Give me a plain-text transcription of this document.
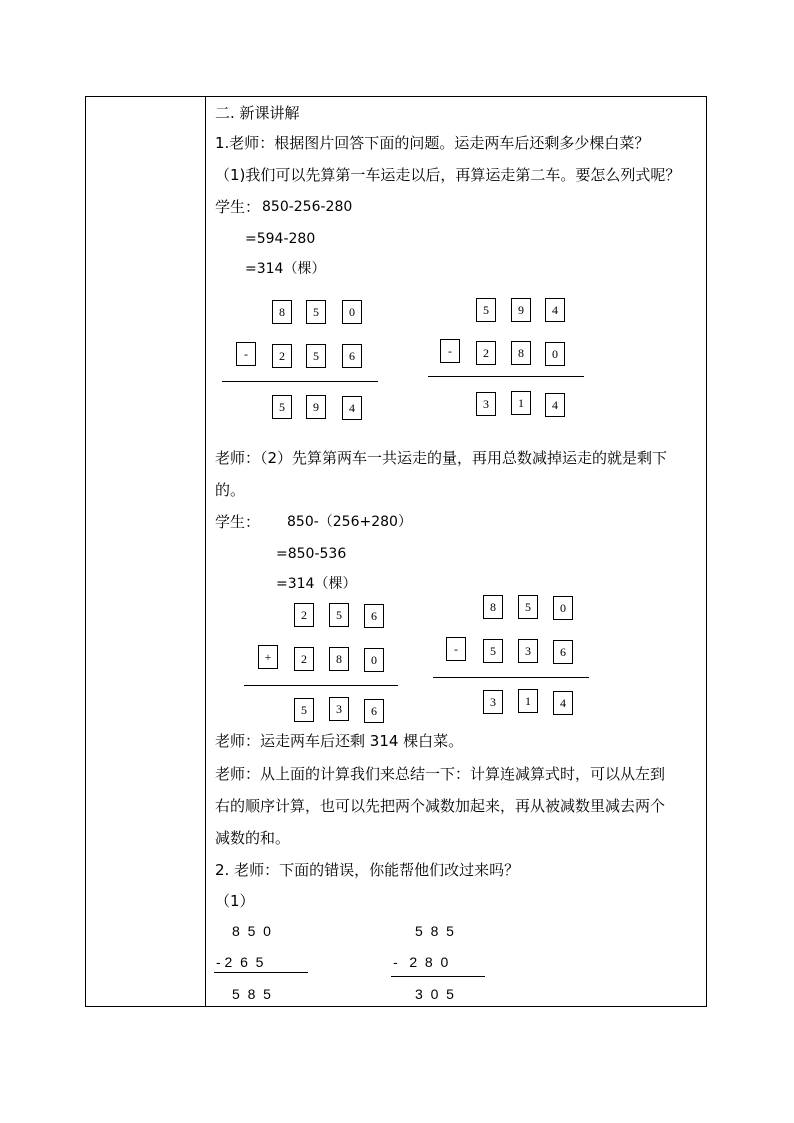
二. 新课讲解
1.老师：根据图片回答下面的问题。运走两车后还剩多少棵白菜？
（1)我们可以先算第一车运走以后，再算运走第二车。要怎么列式呢？
学生： 850-256-280
=594-280
=314（棵）
8	5	0
-	2	5	6
5	9	4
5	9	4
-	2	8	0
3	1	4
老师：（2）先算第两车一共运走的量，再用总数减掉运走的就是剩下
的。
学生： 850-（256+280）
=850-536
=314（棵）
2	5	6
+	2	8	0
5	3	6
8	5	0
-	5	3	6
3	1	4
老师：运走两车后还剩 314 棵白菜。
老师：从上面的计算我们来总结一下：计算连减算式时，可以从左到
右的顺序计算，也可以先把两个减数加起来，再从被减数里减去两个
减数的和。
2. 老师：下面的错误，你能帮他们改过来吗？
（1）
8  5  0
- 2  6  5
5  8  5
5  8  5
-   2  8  0
3  0  5
